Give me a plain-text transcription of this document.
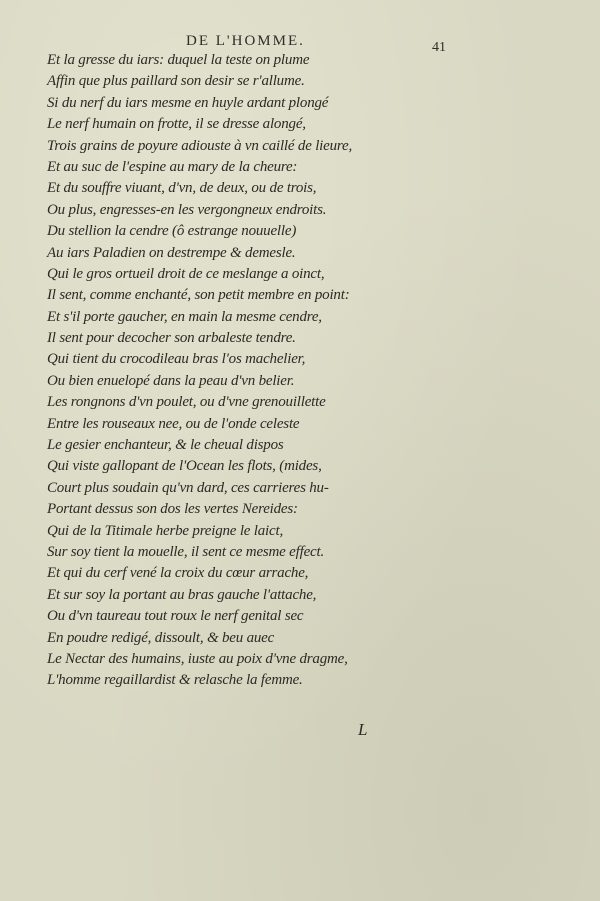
DE L'HOMME.	41
Et la gresse du iars: duquel la teste on plume
Affin que plus paillard son desir se r'allume.
Si du nerf du iars mesme en huyle ardant plongé
Le nerf humain on frotte, il se dresse alongé,
Trois grains de poyure adiouste à vn caillé de lieure,
Et au suc de l'espine au mary de la cheure:
Et du souffre viuant, d'vn, de deux, ou de trois,
Ou plus, engresses-en les vergongneux endroits.
Du stellion la cendre (ô estrange nouuelle)
Au iars Paladien on destrempe & demesle.
Qui le gros ortueil droit de ce meslange a oinct,
Il sent, comme enchanté, son petit membre en point:
Et s'il porte gaucher, en main la mesme cendre,
Il sent pour decocher son arbaleste tendre.
Qui tient du crocodileau bras l'os machelier,
Ou bien enuelopé dans la peau d'vn belier.
Les rongnons d'vn poulet, ou d'vne grenouillette
Entre les rouseaux nee, ou de l'onde celeste
Le gesier enchanteur, & le cheual dispos
Qui viste gallopant de l'Ocean les flots, (mides,
Court plus soudain qu'vn dard, ces carrieres hu-
Portant dessus son dos les vertes Nereides:
Qui de la Titimale herbe preigne le laict,
Sur soy tient la mouelle, il sent ce mesme effect.
Et qui du cerf vené la croix du cœur arrache,
Et sur soy la portant au bras gauche l'attache,
Ou d'vn taureau tout roux le nerf genital sec
En poudre redigé, dissoult, & beu auec
Le Nectar des humains, iuste au poix d'vne dragme,
L'homme regaillardist & relasche la femme.
L
